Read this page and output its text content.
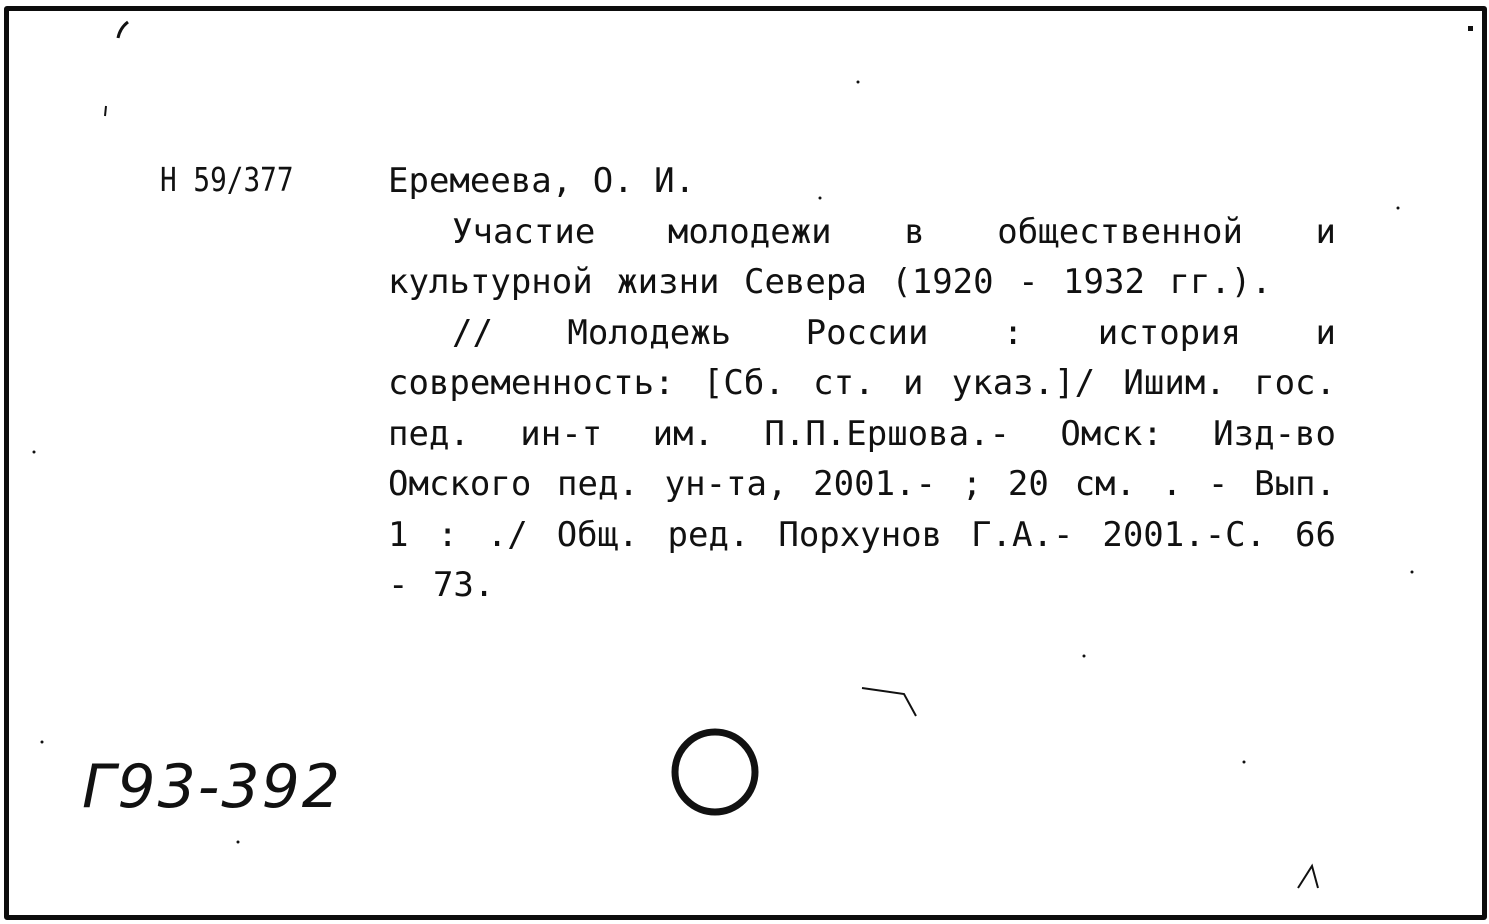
Н 59/377	Еремеева, О. И.

Участие молодежи в общественной и культурной жизни Севера (1920 - 1932 гг.).

// Молодежь России : история и современность: [Сб. ст. и указ.]/ Ишим. гос. пед. ин-т им. П.П.Ершова.- Омск: Изд-во Омского пед. ун-та, 2001.- ; 20 см. . - Вып. 1 : ./ Общ. ред. Порхунов Г.А.- 2001.-С. 66 - 73.

Г93-392
